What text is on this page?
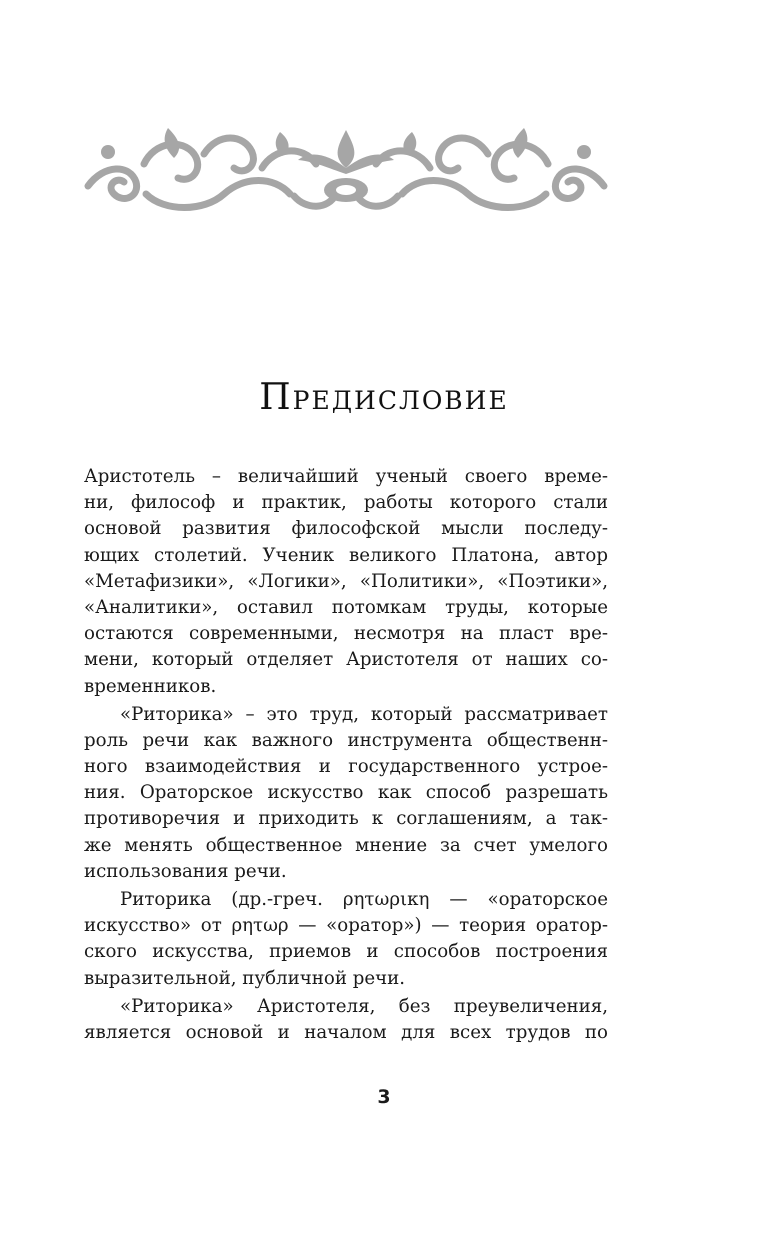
Предисловие
Аристотель – величайший ученый своего време-
ни, философ и практик, работы которого стали
основой развития философской мысли последу-
ющих столетий. Ученик великого Платона, автор
«Метафизики», «Логики», «Политики», «Поэтики»,
«Аналитики», оставил потомкам труды, которые
остаются современными, несмотря на пласт вре-
мени, который отделяет Аристотеля от наших со-
временников.
«Риторика» – это труд, который рассматривает
роль речи как важного инструмента общественн-
ного взаимодействия и государственного устрое-
ния. Ораторское искусство как способ разрешать
противоречия и приходить к соглашениям, а так-
же менять общественное мнение за счет умелого
использования речи.
Риторика (др.-греч. ρητωρικη — «ораторское
искусство» от ρητωρ — «оратор») — теория оратор-
ского искусства, приемов и способов построения
выразительной, публичной речи.
«Риторика» Аристотеля, без преувеличения,
является основой и началом для всех трудов по
3
